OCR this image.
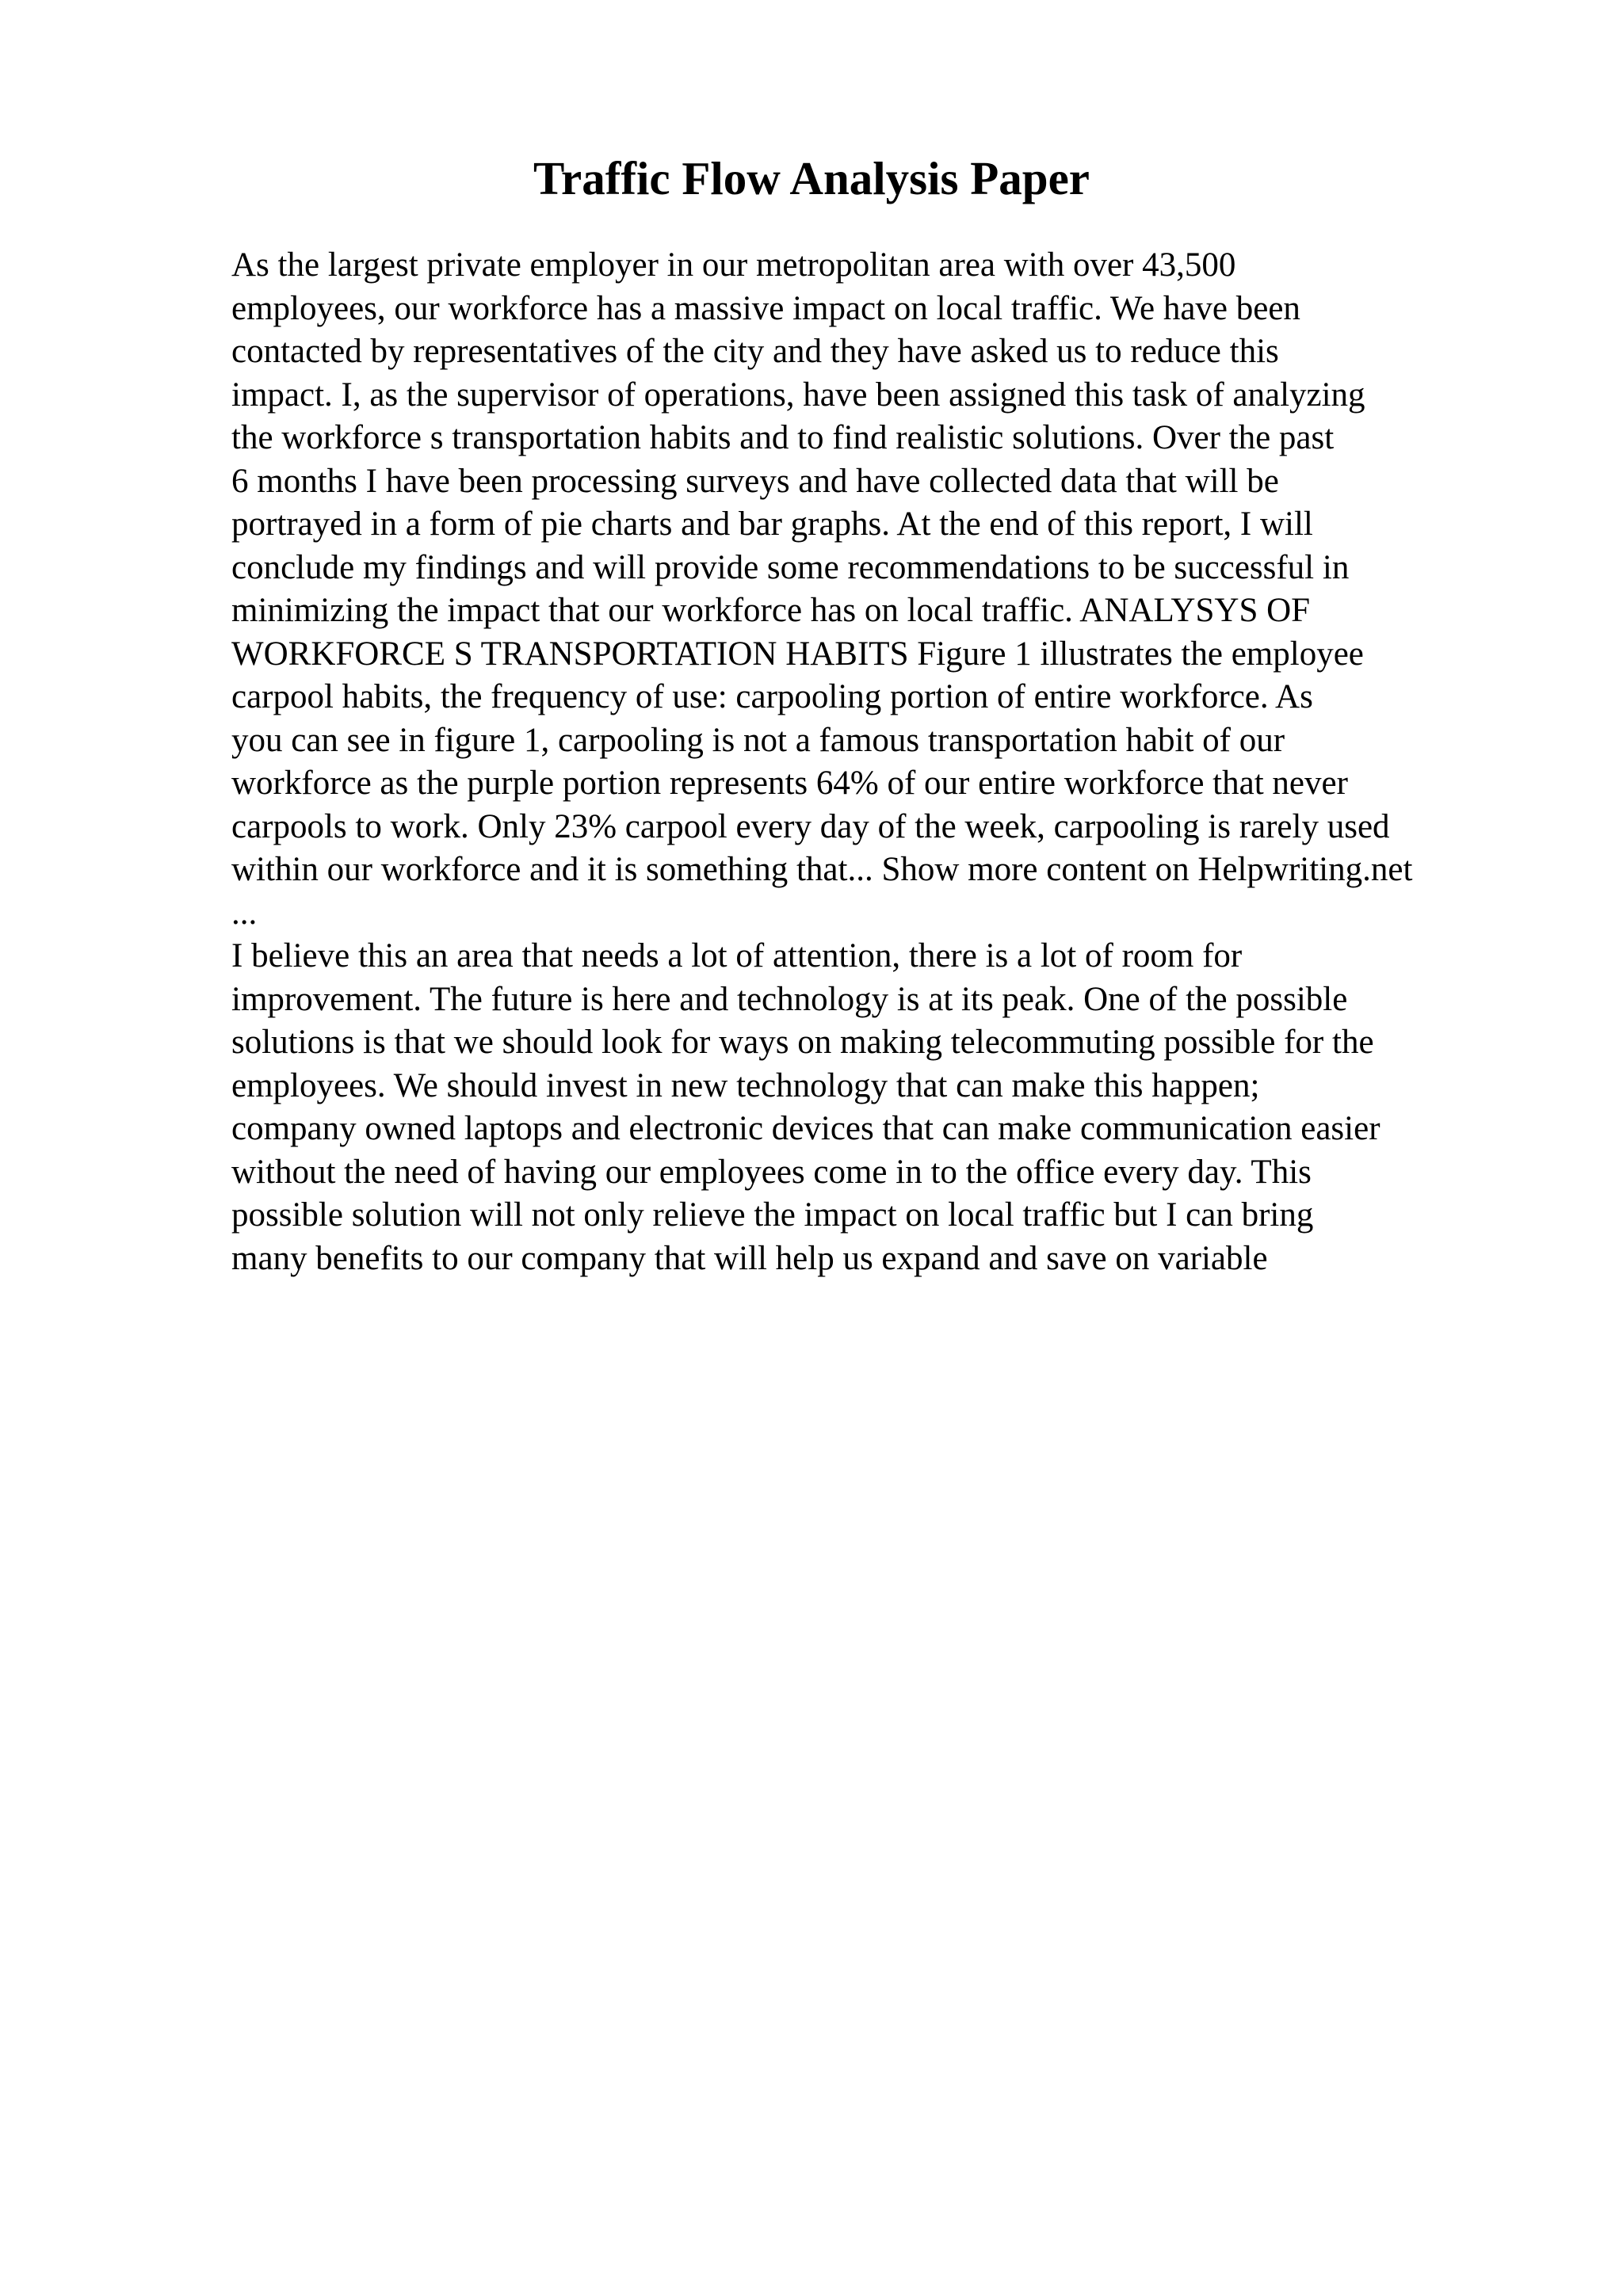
Traffic Flow Analysis Paper
As the largest private employer in our metropolitan area with over 43,500
employees, our workforce has a massive impact on local traffic. We have been
contacted by representatives of the city and they have asked us to reduce this
impact. I, as the supervisor of operations, have been assigned this task of analyzing
the workforce s transportation habits and to find realistic solutions. Over the past
6 months I have been processing surveys and have collected data that will be
portrayed in a form of pie charts and bar graphs. At the end of this report, I will
conclude my findings and will provide some recommendations to be successful in
minimizing the impact that our workforce has on local traffic. ANALYSYS OF
WORKFORCE S TRANSPORTATION HABITS Figure 1 illustrates the employee
carpool habits, the frequency of use: carpooling portion of entire workforce. As
you can see in figure 1, carpooling is not a famous transportation habit of our
workforce as the purple portion represents 64% of our entire workforce that never
carpools to work. Only 23% carpool every day of the week, carpooling is rarely used
within our workforce and it is something that... Show more content on Helpwriting.net
...
I believe this an area that needs a lot of attention, there is a lot of room for
improvement. The future is here and technology is at its peak. One of the possible
solutions is that we should look for ways on making telecommuting possible for the
employees. We should invest in new technology that can make this happen;
company owned laptops and electronic devices that can make communication easier
without the need of having our employees come in to the office every day. This
possible solution will not only relieve the impact on local traffic but I can bring
many benefits to our company that will help us expand and save on variable
